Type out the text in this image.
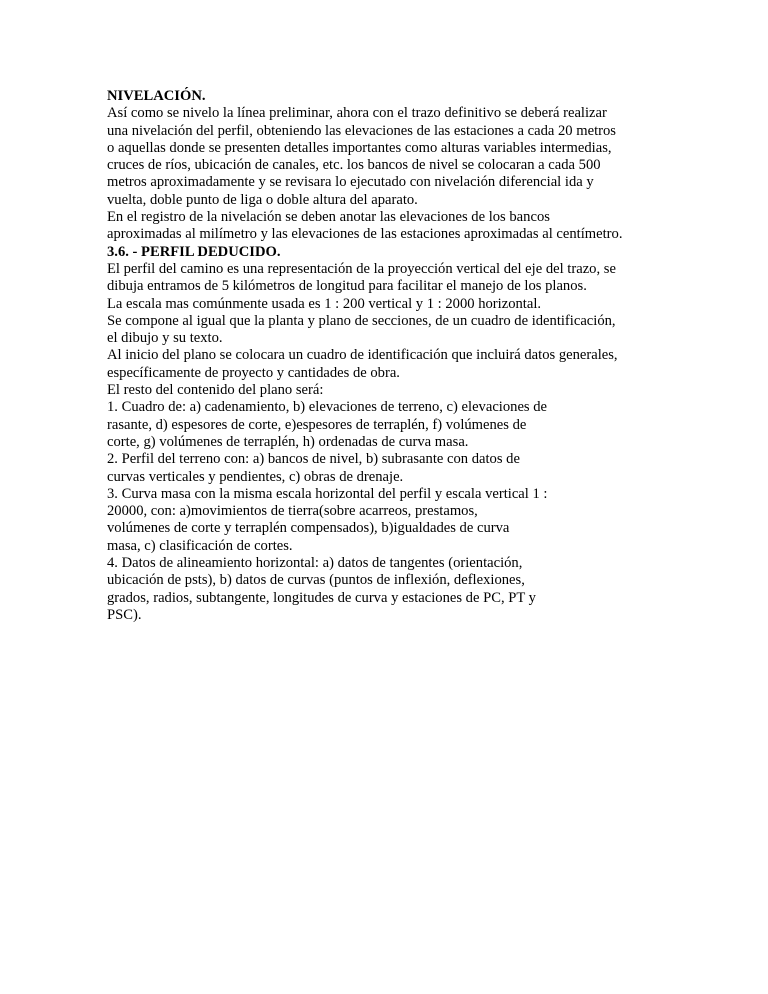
NIVELACIÓN.
Así como se nivelo la línea preliminar, ahora con el trazo definitivo se deberá realizar
una nivelación del perfil, obteniendo las elevaciones de las estaciones a cada 20 metros
o aquellas donde se presenten detalles importantes como alturas variables intermedias,
cruces de ríos, ubicación de canales, etc. los bancos de nivel se colocaran a cada 500
metros aproximadamente y se revisara lo ejecutado con nivelación diferencial ida y
vuelta, doble punto de liga o doble altura del aparato.
En el registro de la nivelación se deben anotar las elevaciones de los bancos
aproximadas al milímetro y las elevaciones de las estaciones aproximadas al centímetro.
3.6. - PERFIL DEDUCIDO.
El perfil del camino es una representación de la proyección vertical del eje del trazo, se
dibuja entramos de 5 kilómetros de longitud para facilitar el manejo de los planos.
La escala mas comúnmente usada es 1 : 200 vertical y 1 : 2000 horizontal.
Se compone al igual que la planta y plano de secciones, de un cuadro de identificación,
el dibujo y su texto.
Al inicio del plano se colocara un cuadro de identificación que incluirá datos generales,
específicamente de proyecto y cantidades de obra.
El resto del contenido del plano será:
1. Cuadro de: a) cadenamiento, b) elevaciones de terreno, c) elevaciones de
rasante, d) espesores de corte, e)espesores de terraplén, f) volúmenes de
corte, g) volúmenes de terraplén, h) ordenadas de curva masa.
2. Perfil del terreno con: a) bancos de nivel, b) subrasante con datos de
curvas verticales y pendientes, c) obras de drenaje.
3. Curva masa con la misma escala horizontal del perfil y escala vertical 1 :
20000, con: a)movimientos de tierra(sobre acarreos, prestamos,
volúmenes de corte y terraplén compensados), b)igualdades de curva
masa, c) clasificación de cortes.
4. Datos de alineamiento horizontal: a) datos de tangentes (orientación,
ubicación de psts), b) datos de curvas (puntos de inflexión, deflexiones,
grados, radios, subtangente, longitudes de curva y estaciones de PC, PT y
PSC).
